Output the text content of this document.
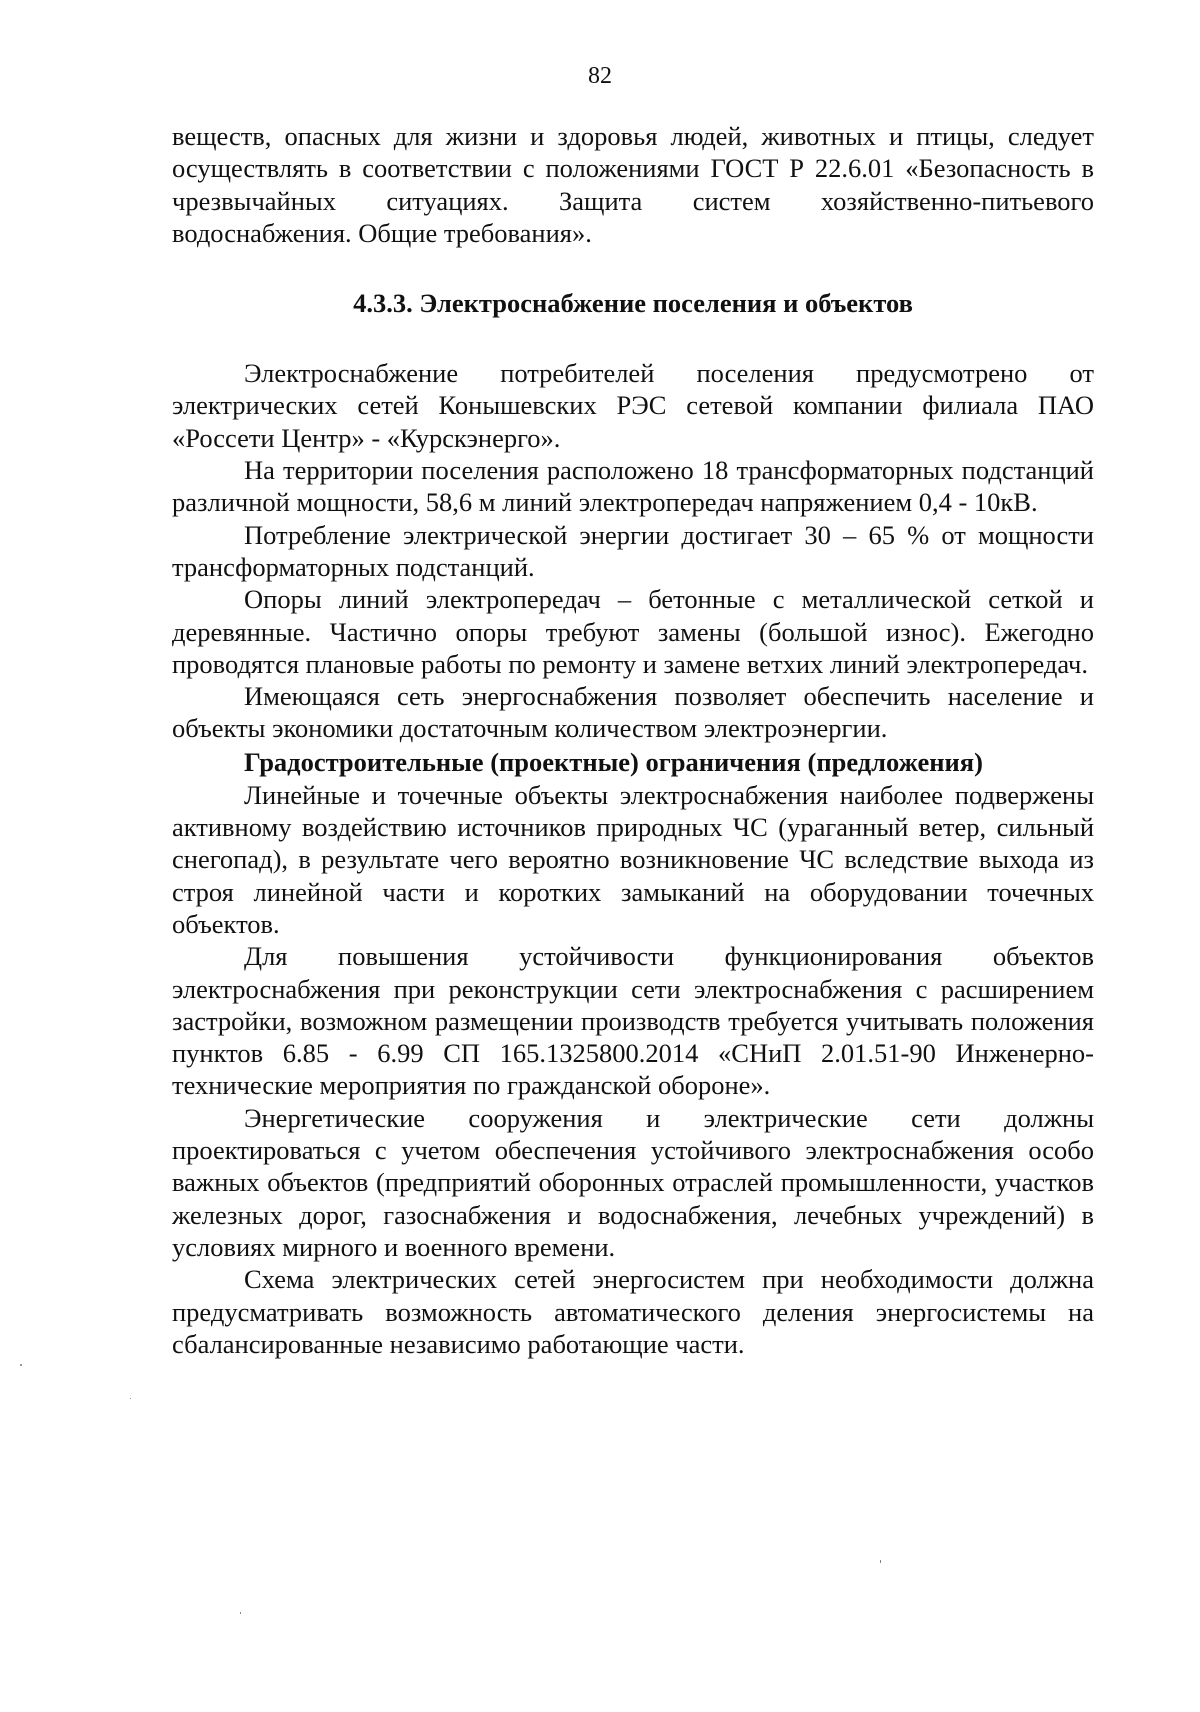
82

веществ, опасных для жизни и здоровья людей, животных и птицы, следует осуществлять в соответствии с положениями ГОСТ Р 22.6.01 «Безопасность в чрезвычайных ситуациях. Защита систем хозяйственно-питьевого водоснабжения. Общие требования».

4.3.3. Электроснабжение поселения и объектов

Электроснабжение потребителей поселения предусмотрено от электрических сетей Конышевских РЭС сетевой компании филиала ПАО «Россети Центр» - «Курскэнерго».

На территории поселения расположено 18 трансформаторных подстанций различной мощности, 58,6 м линий электропередач напряжением 0,4 - 10кВ.

Потребление электрической энергии достигает 30 – 65 % от мощности трансформаторных подстанций.

Опоры линий электропередач – бетонные с металлической сеткой и деревянные. Частично опоры требуют замены (большой износ). Ежегодно проводятся плановые работы по ремонту и замене ветхих линий электропередач.

Имеющаяся сеть энергоснабжения позволяет обеспечить население и объекты экономики достаточным количеством электроэнергии.

Градостроительные (проектные) ограничения (предложения)

Линейные и точечные объекты электроснабжения наиболее подвержены активному воздействию источников природных ЧС (ураганный ветер, сильный снегопад), в результате чего вероятно возникновение ЧС вследствие выхода из строя линейной части и коротких замыканий на оборудовании точечных объектов.

Для повышения устойчивости функционирования объектов электроснабжения при реконструкции сети электроснабжения с расширением застройки, возможном размещении производств требуется учитывать положения пунктов 6.85 - 6.99 СП 165.1325800.2014 «СНиП 2.01.51-90 Инженерно-технические мероприятия по гражданской обороне».

Энергетические сооружения и электрические сети должны проектироваться с учетом обеспечения устойчивого электроснабжения особо важных объектов (предприятий оборонных отраслей промышленности, участков железных дорог, газоснабжения и водоснабжения, лечебных учреждений) в условиях мирного и военного времени.

Схема электрических сетей энергосистем при необходимости должна предусматривать возможность автоматического деления энергосистемы на сбалансированные независимо работающие части.
